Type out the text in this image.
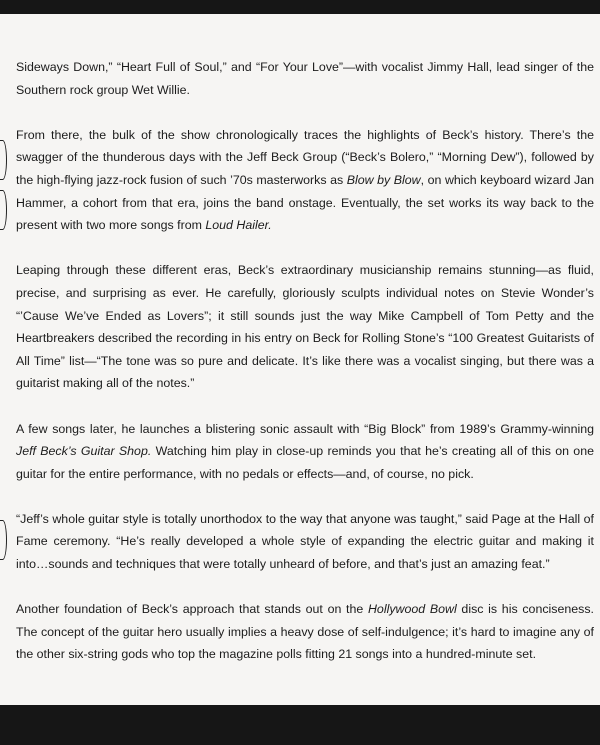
Sideways Down,” “Heart Full of Soul,” and “For Your Love”—with vocalist Jimmy Hall, lead singer of the Southern rock group Wet Willie.

From there, the bulk of the show chronologically traces the highlights of Beck’s history. There’s the swagger of the thunderous days with the Jeff Beck Group (“Beck’s Bolero,” “Morning Dew”), followed by the high-flying jazz-rock fusion of such ’70s masterworks as Blow by Blow, on which keyboard wizard Jan Hammer, a cohort from that era, joins the band onstage. Eventually, the set works its way back to the present with two more songs from Loud Hailer.

Leaping through these different eras, Beck’s extraordinary musicianship remains stunning—as fluid, precise, and surprising as ever. He carefully, gloriously sculpts individual notes on Stevie Wonder’s “’Cause We’ve Ended as Lovers”; it still sounds just the way Mike Campbell of Tom Petty and the Heartbreakers described the recording in his entry on Beck for Rolling Stone’s “100 Greatest Guitarists of All Time” list—“The tone was so pure and delicate. It’s like there was a vocalist singing, but there was a guitarist making all of the notes.”

A few songs later, he launches a blistering sonic assault with “Big Block” from 1989’s Grammy-winning Jeff Beck’s Guitar Shop. Watching him play in close-up reminds you that he’s creating all of this on one guitar for the entire performance, with no pedals or effects—and, of course, no pick.

“Jeff’s whole guitar style is totally unorthodox to the way that anyone was taught,” said Page at the Hall of Fame ceremony. “He’s really developed a whole style of expanding the electric guitar and making it into…sounds and techniques that were totally unheard of before, and that’s just an amazing feat.”

Another foundation of Beck’s approach that stands out on the Hollywood Bowl disc is his conciseness. The concept of the guitar hero usually implies a heavy dose of self-indulgence; it’s hard to imagine any of the other six-string gods who top the magazine polls fitting 21 songs into a hundred-minute set.
